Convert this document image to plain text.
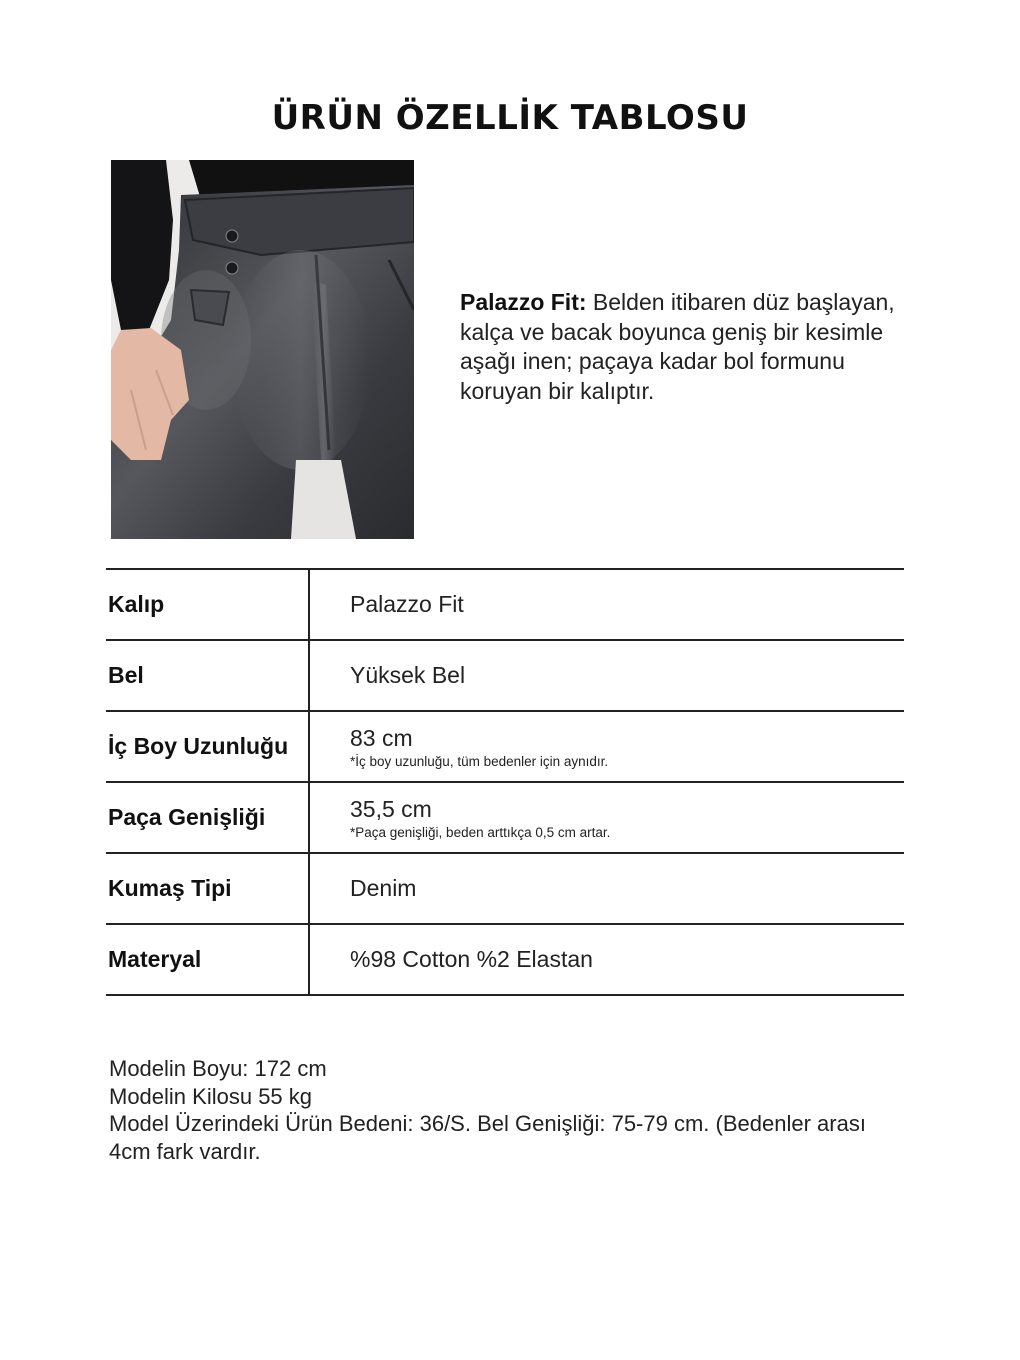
ÜRÜN ÖZELLİK TABLOSU
Palazzo Fit: Belden itibaren düz başlayan, kalça ve bacak boyunca geniş bir kesimle aşağı inen; paçaya kadar bol formunu koruyan bir kalıptır.
Kalıp	Palazzo Fit
Bel	Yüksek Bel
İç Boy Uzunluğu	83 cm
*İç boy uzunluğu, tüm bedenler için aynıdır.

Paça Genişliği	35,5 cm
*Paça genişliği, beden arttıkça 0,5 cm artar.

Kumaş Tipi	Denim
Materyal	%98 Cotton %2 Elastan
Modelin Boyu: 172 cm
Modelin Kilosu 55 kg
Model Üzerindeki Ürün Bedeni: 36/S. Bel Genişliği: 75-79 cm. (Bedenler arası 4cm fark vardır.
